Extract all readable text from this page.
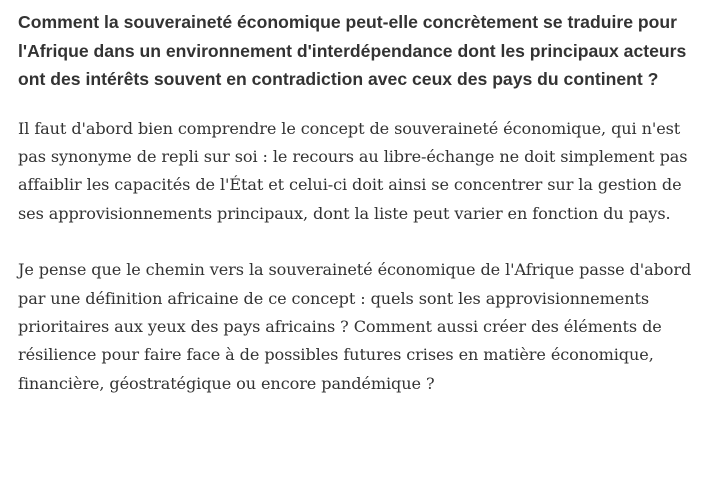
Comment la souveraineté économique peut-elle concrètement se traduire pour l'Afrique dans un environnement d'interdépendance dont les principaux acteurs ont des intérêts souvent en contradiction avec ceux des pays du continent ?

Il faut d'abord bien comprendre le concept de souveraineté économique, qui n'est pas synonyme de repli sur soi : le recours au libre-échange ne doit simplement pas affaiblir les capacités de l'État et celui-ci doit ainsi se concentrer sur la gestion de ses approvisionnements principaux, dont la liste peut varier en fonction du pays.

Je pense que le chemin vers la souveraineté économique de l'Afrique passe d'abord par une définition africaine de ce concept : quels sont les approvisionnements prioritaires aux yeux des pays africains ? Comment aussi créer des éléments de résilience pour faire face à de possibles futures crises en matière économique, financière, géostratégique ou encore pandémique ?
